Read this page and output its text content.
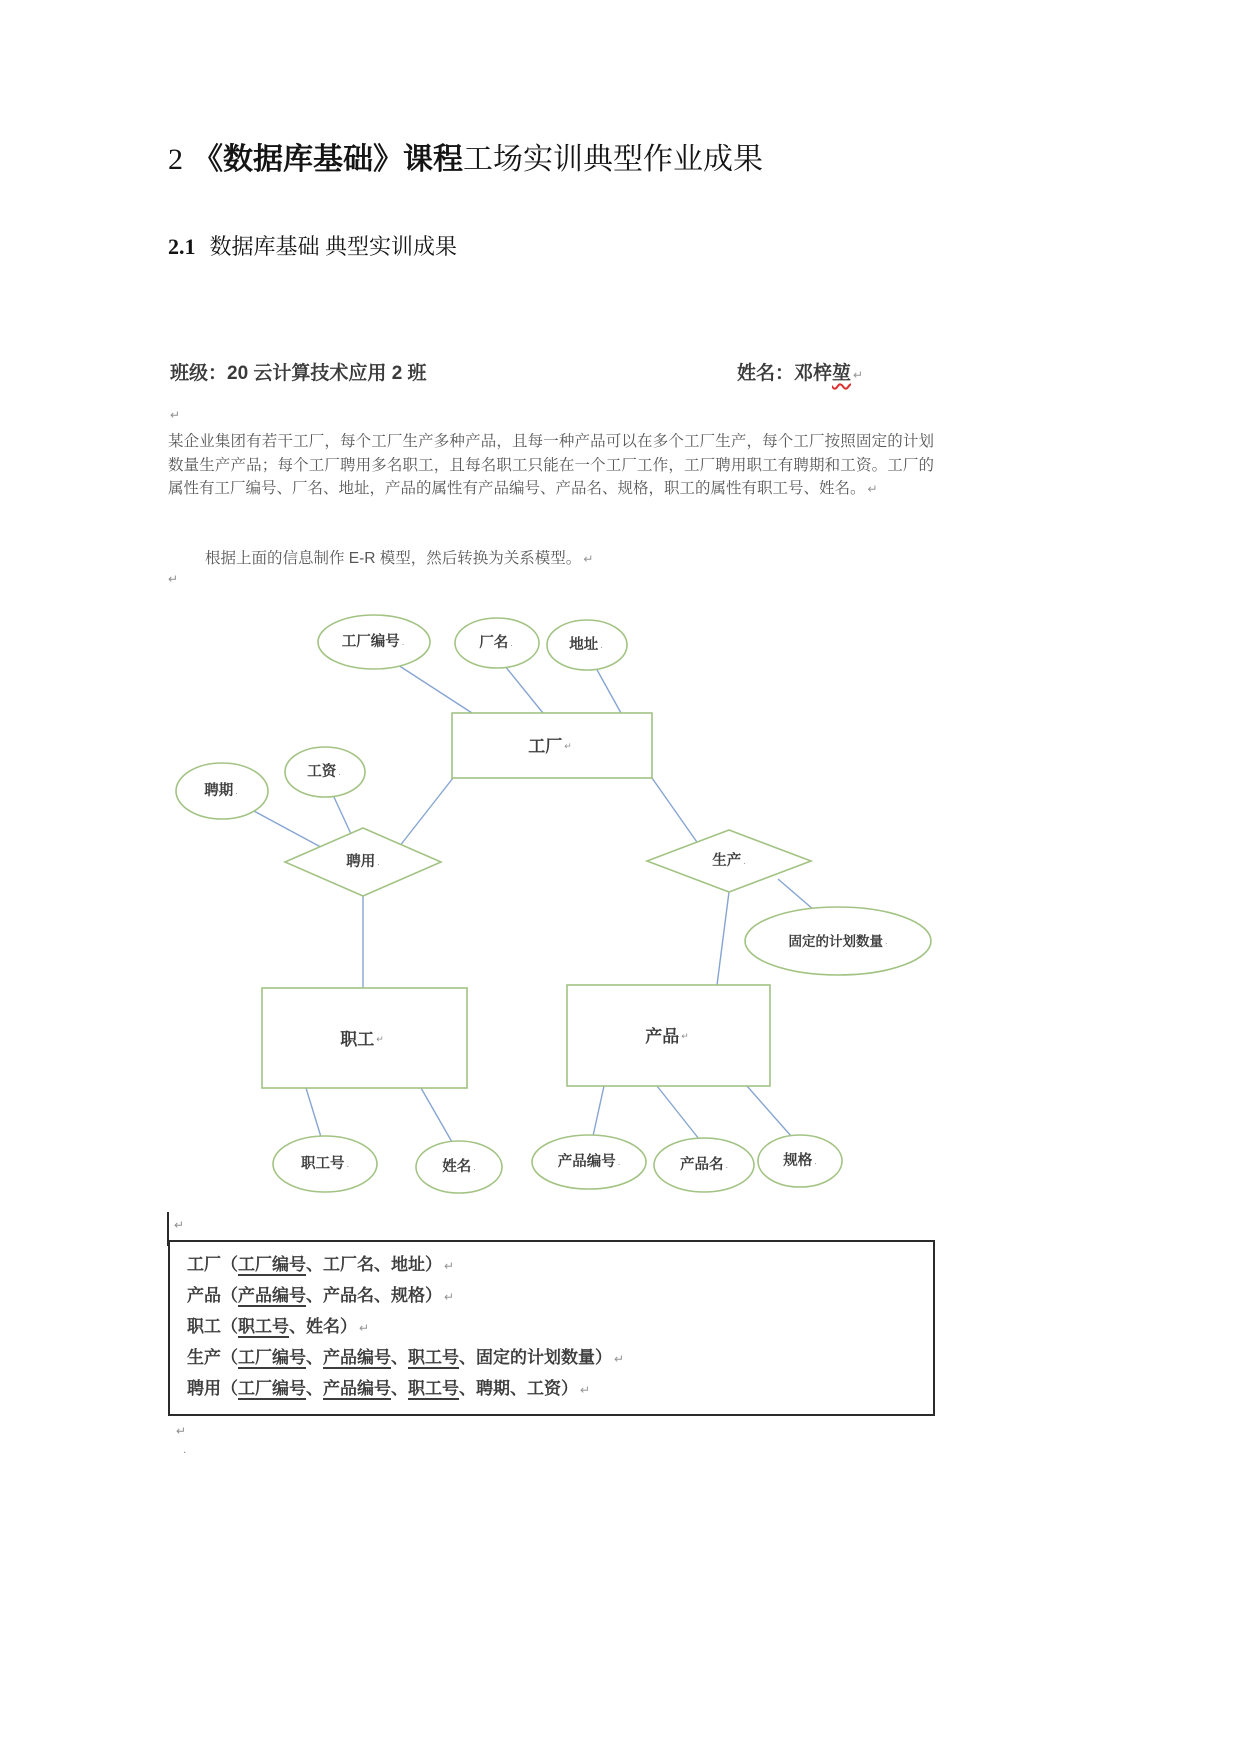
2 《数据库基础》课程工场实训典型作业成果
2.1 数据库基础 典型实训成果
班级：20 云计算技术应用 2 班	姓名：邓梓堃 ↵
↵

某企业集团有若干工厂，每个工厂生产多种产品，且每一种产品可以在多个工厂生产，每个工厂按照固定的计划数量生产产品；每个工厂聘用多名职工，且每名职工只能在一个工厂工作，工厂聘用职工有聘期和工资。工厂的属性有工厂编号、厂名、地址，产品的属性有产品编号、产品名、规格，职工的属性有职工号、姓名。 ↵

根据上面的信息制作 E-R 模型，然后转换为关系模型。 ↵

↵
工厂编号 .	厂名 .	地址 .
工厂 ↵
职工 ↵	产品 ↵
聘期 .
工资 .
聘用 .	生产 .
固定的计划数量 .
职工号 .	姓名 .	产品编号 .	产品名 .	规格 .
↵
工厂（工厂编号、工厂名、地址） ↵
产品（产品编号、产品名、规格） ↵
职工（职工号、姓名） ↵
生产（工厂编号、产品编号、职工号、固定的计划数量） ↵
聘用（工厂编号、产品编号、职工号、聘期、工资） ↵
↵
.
